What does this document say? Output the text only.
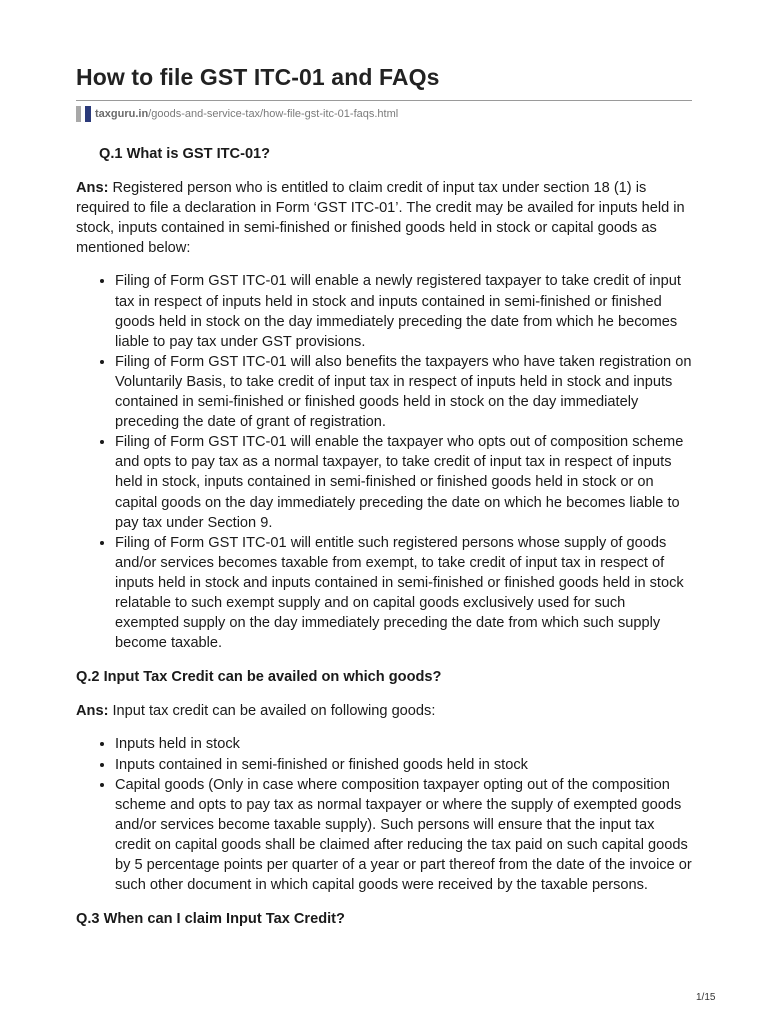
How to file GST ITC-01 and FAQs
taxguru.in/goods-and-service-tax/how-file-gst-itc-01-faqs.html

Q.1 What is GST ITC-01?

Ans: Registered person who is entitled to claim credit of input tax under section 18 (1) is required to file a declaration in Form ‘GST ITC-01’. The credit may be availed for inputs held in stock, inputs contained in semi-finished or finished goods held in stock or capital goods as mentioned below:

Filing of Form GST ITC-01 will enable a newly registered taxpayer to take credit of input tax in respect of inputs held in stock and inputs contained in semi-finished or finished goods held in stock on the day immediately preceding the date from which he becomes liable to pay tax under GST provisions.
Filing of Form GST ITC-01 will also benefits the taxpayers who have taken registration on Voluntarily Basis, to take credit of input tax in respect of inputs held in stock and inputs contained in semi-finished or finished goods held in stock on the day immediately preceding the date of grant of registration.
Filing of Form GST ITC-01 will enable the taxpayer who opts out of composition scheme and opts to pay tax as a normal taxpayer, to take credit of input tax in respect of inputs held in stock, inputs contained in semi-finished or finished goods held in stock or on capital goods on the day immediately preceding the date on which he becomes liable to pay tax under Section 9.
Filing of Form GST ITC-01 will entitle such registered persons whose supply of goods and/or services becomes taxable from exempt, to take credit of input tax in respect of inputs held in stock and inputs contained in semi-finished or finished goods held in stock relatable to such exempt supply and on capital goods exclusively used for such exempted supply on the day immediately preceding the date from which such supply become taxable.

Q.2 Input Tax Credit can be availed on which goods?

Ans: Input tax credit can be availed on following goods:

Inputs held in stock
Inputs contained in semi-finished or finished goods held in stock
Capital goods (Only in case where composition taxpayer opting out of the composition scheme and opts to pay tax as normal taxpayer or where the supply of exempted goods and/or services become taxable supply). Such persons will ensure that the input tax credit on capital goods shall be claimed after reducing the tax paid on such capital goods by 5 percentage points per quarter of a year or part thereof from the date of the invoice or such other document in which capital goods were received by the taxable persons.

Q.3 When can I claim Input Tax Credit?

1/15
